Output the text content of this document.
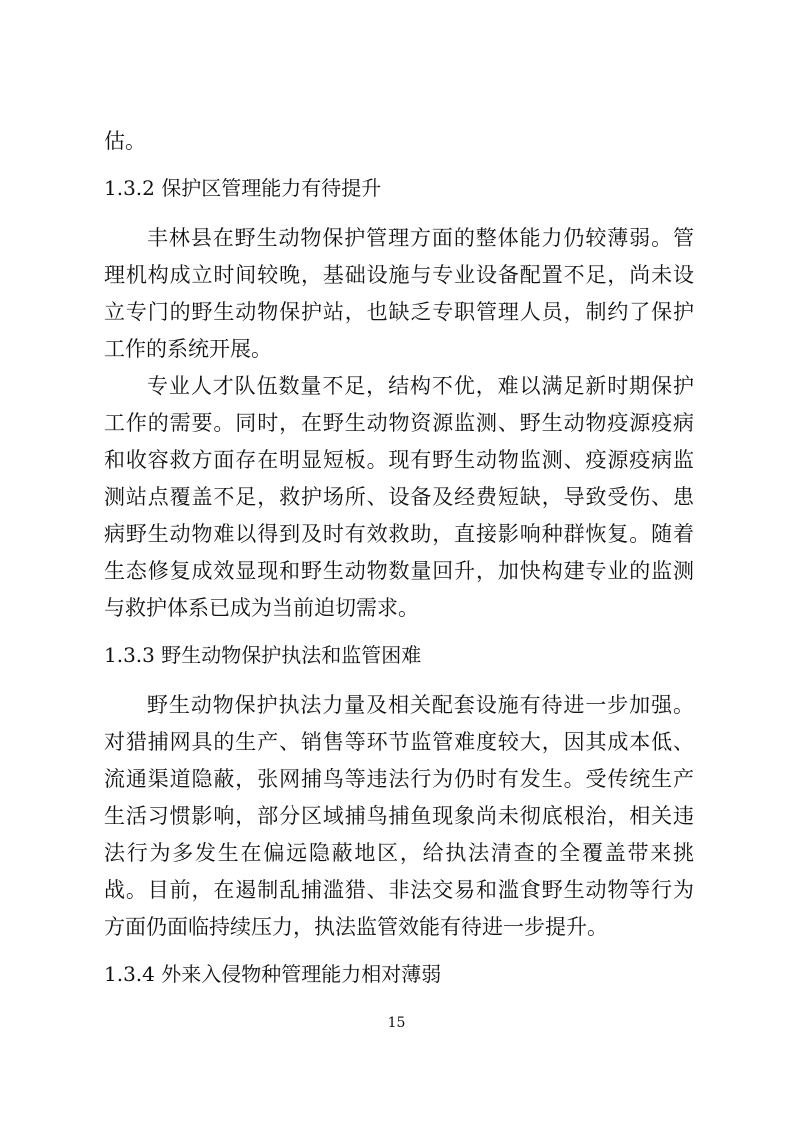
估。
1.3.2 保护区管理能力有待提升
丰林县在野生动物保护管理方面的整体能力仍较薄弱。管
理机构成立时间较晚，基础设施与专业设备配置不足，尚未设
立专门的野生动物保护站，也缺乏专职管理人员，制约了保护
工作的系统开展。
专业人才队伍数量不足，结构不优，难以满足新时期保护
工作的需要。同时，在野生动物资源监测、野生动物疫源疫病
和收容救方面存在明显短板。现有野生动物监测、疫源疫病监
测站点覆盖不足，救护场所、设备及经费短缺，导致受伤、患
病野生动物难以得到及时有效救助，直接影响种群恢复。随着
生态修复成效显现和野生动物数量回升，加快构建专业的监测
与救护体系已成为当前迫切需求。
1.3.3 野生动物保护执法和监管困难
野生动物保护执法力量及相关配套设施有待进一步加强。
对猎捕网具的生产、销售等环节监管难度较大，因其成本低、
流通渠道隐蔽，张网捕鸟等违法行为仍时有发生。受传统生产
生活习惯影响，部分区域捕鸟捕鱼现象尚未彻底根治，相关违
法行为多发生在偏远隐蔽地区，给执法清查的全覆盖带来挑
战。目前，在遏制乱捕滥猎、非法交易和滥食野生动物等行为
方面仍面临持续压力，执法监管效能有待进一步提升。
1.3.4 外来入侵物种管理能力相对薄弱
15
